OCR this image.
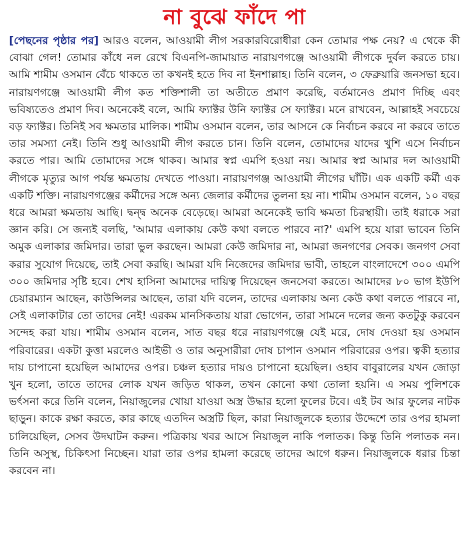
না বুঝে ফাঁদে পা

[পেছনের পৃষ্ঠার পর] আরও বলেন, আওয়ামী লীগ সরকারবিরোধীরা কেন তোমার পক্ষ নেয়? এ থেকে কী বোঝা গেল! তোমার কাঁধে নল রেখে বিএনপি-জামায়াত নারায়ণগঞ্জে আওয়ামী লীগকে দুর্বল করতে চায়। আমি শামীম ওসমান বেঁচে থাকতে তা কখনই হতে দিব না ইনশাল্লাহ। তিনি বলেন, ৩ ফেব্রুয়ারি জনসভা হবে। নারায়ণগঞ্জে আওয়ামী লীগ কত শক্তিশালী তা অতীতে প্রমাণ করেছি, বর্তমানেও প্রমাণ দিচ্ছি এবং ভবিষ্যতেও প্রমাণ দিব। অনেকেই বলে, আমি ফ্যাক্টর উনি ফ্যাক্টর সে ফ্যাক্টর। মনে রাখবেন, আল্লাহই সবচেয়ে বড় ফ্যাক্টর। তিনিই সব ক্ষমতার মালিক। শামীম ওসমান বলেন, তার আসনে কে নির্বাচন করবে না করবে তাতে তার সমস্যা নেই। তিনি শুধু আওয়ামী লীগ করতে চান। তিনি বলেন, তোমাদের যাদের খুশি এসে নির্বাচন করতে পার। আমি তোমাদের সঙ্গে থাকব। আমার স্বপ্ন এমপি হওয়া নয়। আমার স্বপ্ন আমার দল আওয়ামী লীগকে মৃত্যুর আগ পর্যন্ত ক্ষমতায় দেখতে পাওয়া। নারায়ণগঞ্জ আওয়ামী লীগের ঘাঁটি। এক একটি কর্মী এক একটি শক্তি। নারায়ণগঞ্জের কর্মীদের সঙ্গে অন্য জেলার কর্মীদের তুলনা হয় না। শামীম ওসমান বলেন, ১০ বছর ধরে আমরা ক্ষমতায় আছি। দ্বন্দ্ব অনেক বেড়েছে। আমরা অনেকেই ভাবি ক্ষমতা চিরস্থায়ী। তাই ধরাকে সরা জ্ঞান করি। সে জন্যই বলছি, 'আমার এলাকায় কেউ কথা বলতে পারবে না?' এমপি হয়ে যারা ভাবেন তিনি অমুক এলাকার জমিদার। তারা ভুল করছেন। আমরা কেউ জমিদার না, আমরা জনগণের সেবক। জনগণ সেবা করার সুযোগ দিয়েছে, তাই সেবা করছি। আমরা যদি নিজেদের জমিদার ভাবী, তাহলে বাংলাদেশে ৩০০ এমপি ৩০০ জমিদার সৃষ্টি হবে। শেখ হাসিনা আমাদের দায়িত্ব দিয়েছেন জনসেবা করতে। আমাদের ৮০ ভাগ ইউপি চেয়ারম্যান আছেন, কাউন্সিলর আছেন, তারা যদি বলেন, তাদের এলাকায় অন্য কেউ কথা বলতে পারবে না, সেই এলাকাটার তো তাদের নেই! এরকম মানসিকতায় যারা ভোগেন, তারা সামনে দলের জন্য কতটুকু করবেন সন্দেহ করা যায়। শামীম ওসমান বলেন, সাত বছর ধরে নারায়ণগঞ্জে যেই মরে, দোষ দেওয়া হয় ওসমান পরিবারের। একটা কুত্তা মরলেও আইভী ও তার অনুসারীরা দোষ চাপান ওসমান পরিবারের ওপর। ত্বকী হত্যার দায় চাপানো হয়েছিল আমাদের ওপর। চঞ্চল হত্যার দায়ও চাপানো হয়েছিল। ওহাব বাবুরালের যখন জোড়া খুন হলো, তাতে তাদের লোক যখন জড়িত থাকল, তখন কোনো কথা তোলা হয়নি। এ সময় পুলিশকে ভর্ৎসনা করে তিনি বলেন, নিয়াজুলের খোয়া যাওয়া অস্ত্র উদ্ধার হলো ফুলের টবে। এই টব আর ফুলের নাটক ছাড়ুন। কাকে রক্ষা করতে, কার কাছে এতদিন অস্ত্রটি ছিল, কারা নিয়াজুলকে হত্যার উদ্দেশে তার ওপর হামলা চালিয়েছিল, সেসব উদঘাটন করুন। পত্রিকায় খবর আসে নিয়াজুল নাকি পলাতক। কিন্তু তিনি পলাতক নন। তিনি অসুস্থ, চিকিৎসা নিচ্ছেন। যারা তার ওপর হামলা করেছে তাদের আগে ধরুন। নিয়াজুলকে ধরার চিন্তা করবেন না।
